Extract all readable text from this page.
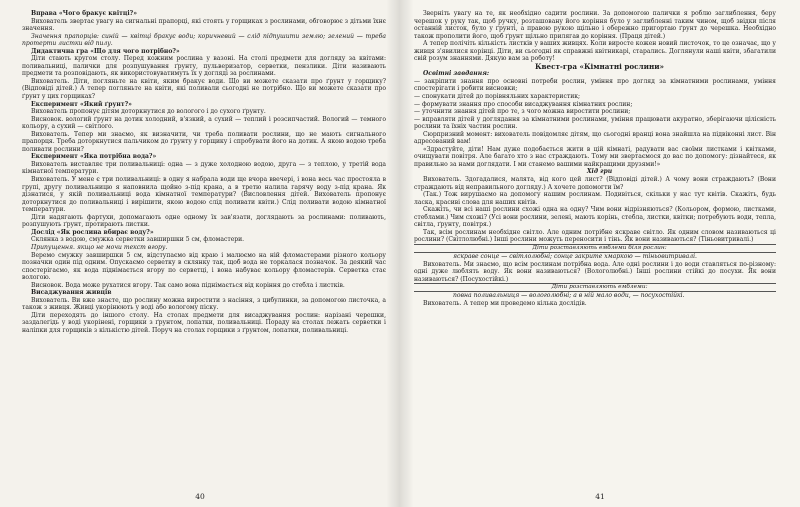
Вправа «Чого бракує квітці?»

Вихователь звертає увагу на сигнальні прапорці, які стоять у горщиках з рослинами, обговорює з дітьми їхнє значення.

Значення прапорців: синій — квітці бракує води; коричневий — слід підпушити землю; зелений — треба протерти листки від пилу.

Дидактична гра «Що для чого потрібно?»

Діти стають кругом столу. Перед кожним рослина у вазоні. На столі предмети для догляду за квітами: поливальниці, палички для розпушування ґрунту, пульверизатор, серветки, пензлики. Діти називають предмети та розповідають, як використовуватимуть їх у догляді за рослинами.

Вихователь. Діти, погляньте на квіти, яким бракує води. Що ви можете сказати про ґрунт у горщику? (Відповіді дітей.) А тепер погляньте на квіти, які поливали сьогодні не потрібно. Що ви можете сказати про ґрунт у цих горщиках?

Експеримент «Який ґрунт?»

Вихователь пропонує дітям доторкнутися до вологого і до сухого ґрунту.

Висновок. вологий ґрунт на дотик холодний, в'язкий, а сухий — теплий і розсипчастий. Вологий — темного кольору, а сухий — світлого.

Вихователь. Тепер ми знаємо, як визначити, чи треба поливати рослини, що не мають сигнального прапорця. Треба доторкнутися пальчиком до ґрунту у горщику і спробувати його на дотик. А якою водою треба поливати рослини?

Експеримент «Яка потрібна вода?»

Вихователь виставляє три поливальниці: одна — з дуже холодною водою, друга — з теплою, у третій вода кімнатної температури.

Вихователь. У мене є три поливальниці: в одну я набрала води ще вчора ввечері, і вона весь час простояла в групі, другу поливальницю я наповнила щойно з-під крана, а в третю налила гарячу воду з-під крана. Як дізнатися, у якій поливальниці вода кімнатної температури? (Висловлення дітей. Вихователь пропонує доторкнутися до поливальниці і вирішити, якою водою слід поливати квіти.) Слід поливати водою кімнатної температури.

Діти надягають фартухи, допомагають одне одному їх зав'язати, доглядають за рослинами: поливають, розпушують ґрунт, протирають листки.

Дослід «Як рослина вбирає воду?»

Склянка з водою, смужка серветки завширшки 5 см, фломастери.

Припущення. якщо не мочи текст вгору.

Веремо смужку завширшки 5 см, відступаємо від краю і малюємо на ній фломастерами різного кольору позначки один під одним. Опускаємо серветку в склянку так, щоб вода не торкалася позначок. За деякий час спостерігаємо, як вода піднімається вгору по серветці, і вона набуває кольору фломастерів. Серветка стає вологою.

Висновок. Вода може рухатися вгору. Так само вона піднімається від коріння до стебла і листків.

Висаджування живців

Вихователь. Ви вже знаєте, що рослину можна виростити з насіння, з цибулинки, за допомогою листочка, а також з живця. Живці укорінюють у воді або вологому піску.

Діти переходять до іншого столу. На столах предмети для висаджування рослин: нарізані черешки, заздалегідь у воді укорінені, горщики з ґрунтом, лопатки, поливальниці. Пораду на столах лежать серветки і наліпки для горщиків з кількістю дітей. Поруч на столах горщики з ґрунтом, лопатки, поливальниці.

40

Зверніть увагу на те, як необхідно садити рослини. За допомогою палички я роблю заглиблення, беру черешок у руку так, щоб ручку, розташовану його коріння було у заглибленні таким чином, щоб звідки після останній листок, було у ґрунті, а правою рукою щільно і обережно пригортаю ґрунт до черешка. Необхідно також прополити його, щоб ґрунт щільно прилягав до коріння. (Праця дітей.)

А тепер полічіть кількість листків у ваших живцях. Коли виросте кожен новий листочок, то це означає, що у живця з'явилися корінці. Діти, ви сьогодні як справжні квітникарі, старались. Доглянули наші квіти, збагатили свій розум знаннями. Дякую вам за роботу!

Квест-гра «Кімнатні рослини»

Освітні завдання:

— закріпити знання про основні потреби рослин, уміння про догляд за кімнатними рослинами, уміння спостерігати і робити висновки;

— спонукати дітей до порівняльних характеристик;

— формувати знання про способи висаджування кімнатних рослин;

— уточнити знання дітей про те, з чого можна виростити рослини;

— вправляти дітей у доглядання за кімнатними рослинами, уміння працювати акуратно, зберігаючи цілісність рослини та їхніх частин рослин.

Сюрпризний момент: вихователь повідомляє дітям, що сьогодні вранці вона знайшла на підвіконні лист. Він адресований вам!

«Здрастуйте, діти! Нам дуже подобається жити в цій кімнаті, радувати вас своїми листками і квітками, очищувати повітря. Але багато хто з нас страждають. Тому ми звертаємося до вас по допомогу: дізнайтеся, як правильно за нами доглядати. І ми станемо вашими найкращими друзями!»

Хід гри

Вихователь. Здогадалися, малята, від кого цей лист? (Відповіді дітей.) А чому вони страждають? (Вони страждають від неправильного догляду.) А хочете допомогти їм?

(Так.) Тож вирушаємо на допомогу нашим рослинам. Подивіться, скільки у нас тут квітів. Скажіть, будь ласка, красиві слова для наших квітів.

Скажіть, чи всі наші рослини схожі одна на одну? Чим вони відрізняються? (Кольором, формою, листками, стеблами.) Чим схожі? (Усі вони рослини, зелені, мають корінь, стебла, листки, квітки; потребують води, тепла, світла, ґрунту, повітря.)

Так, всім рослинам необхідне світло. Але одним потрібне яскраве світло. Як одним словом називаються ці рослини? (Світлолюбні.) Інші рослини можуть переносити і тінь. Як вони називаються? (Тіньовитривалі.)

Діти розставляють емблеми біля рослин:

яскраве сонце — світлолюбні; сонце закрите хмаркою — тіньовитривалі.

Вихователь. Ми знаємо, що всім рослинам потрібна вода. Але одні рослини і до води ставляться по-різному: одні дуже люблять воду. Як вони називаються? (Вологолюбні.) Інші рослини стійкі до посухи. Як вони називаються? (Посухостійкі.)

Діти розставляють емблеми:

повна поливальниця — вологолюбні; а в ній мало води, — посухостійкі.

Вихователь. А тепер ми проведемо кілька дослідів.

41
